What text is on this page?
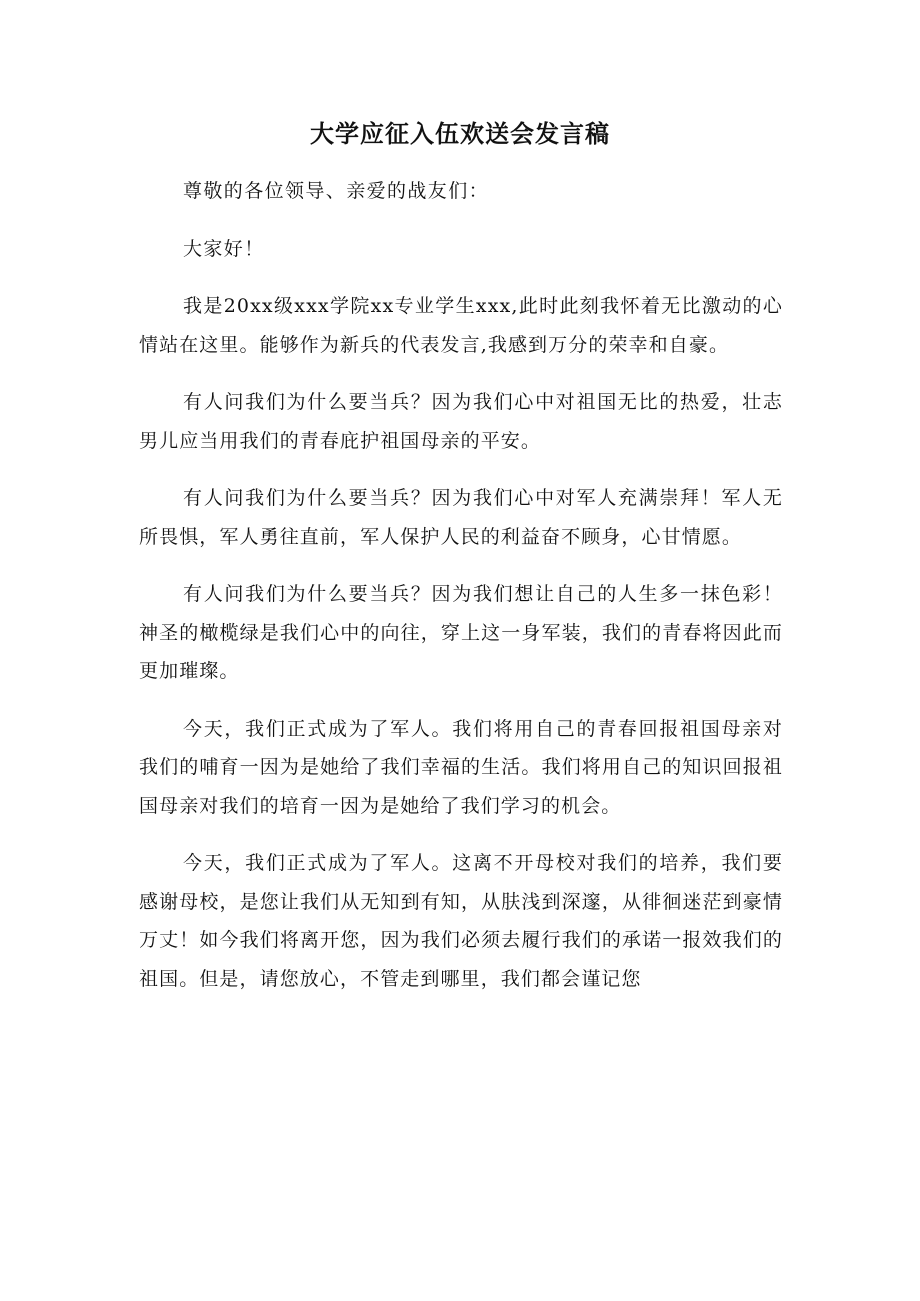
大学应征入伍欢送会发言稿

尊敬的各位领导、亲爱的战友们：

大家好！

我是20xx级xxx学院xx专业学生xxx,此时此刻我怀着无比激动的心情站在这里。能够作为新兵的代表发言,我感到万分的荣幸和自豪。

有人问我们为什么要当兵？因为我们心中对祖国无比的热爱，壮志男儿应当用我们的青春庇护祖国母亲的平安。

有人问我们为什么要当兵？因为我们心中对军人充满崇拜！军人无所畏惧，军人勇往直前，军人保护人民的利益奋不顾身，心甘情愿。

有人问我们为什么要当兵？因为我们想让自己的人生多一抹色彩！神圣的橄榄绿是我们心中的向往，穿上这一身军装，我们的青春将因此而更加璀璨。

今天，我们正式成为了军人。我们将用自己的青春回报祖国母亲对我们的哺育一因为是她给了我们幸福的生活。我们将用自己的知识回报祖国母亲对我们的培育一因为是她给了我们学习的机会。

今天，我们正式成为了军人。这离不开母校对我们的培养，我们要感谢母校，是您让我们从无知到有知，从肤浅到深邃，从徘徊迷茫到豪情万丈！如今我们将离开您，因为我们必须去履行我们的承诺一报效我们的祖国。但是，请您放心，不管走到哪里，我们都会谨记您
